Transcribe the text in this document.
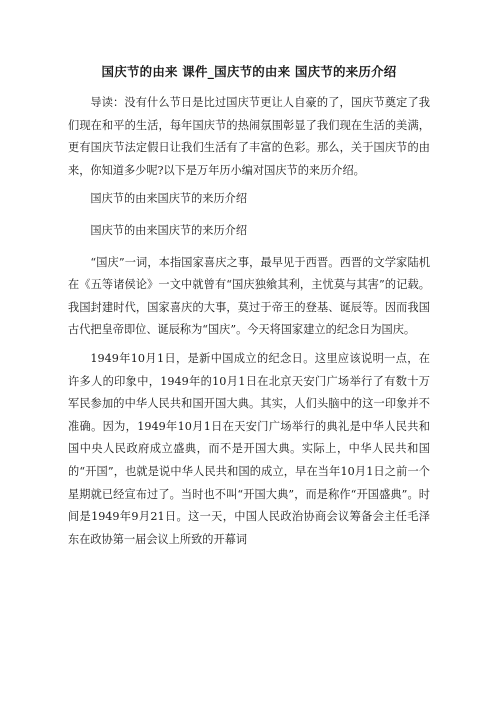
国庆节的由来 课件_国庆节的由来 国庆节的来历介绍

导读：没有什么节日是比过国庆节更让人自豪的了，国庆节奠定了我们现在和平的生活，每年国庆节的热闹氛围彰显了我们现在生活的美满，更有国庆节法定假日让我们生活有了丰富的色彩。那么，关于国庆节的由来，你知道多少呢?以下是万年历小编对国庆节的来历介绍。

国庆节的由来国庆节的来历介绍

国庆节的由来国庆节的来历介绍

“国庆”一词，本指国家喜庆之事，最早见于西晋。西晋的文学家陆机在《五等诸侯论》一文中就曾有“国庆独飨其利，主忧莫与其害”的记载。我国封建时代，国家喜庆的大事，莫过于帝王的登基、诞辰等。因而我国古代把皇帝即位、诞辰称为“国庆”。今天将国家建立的纪念日为国庆。

1949年10月1日，是新中国成立的纪念日。这里应该说明一点，在许多人的印象中，1949年的10月1日在北京天安门广场举行了有数十万军民参加的中华人民共和国开国大典。其实，人们头脑中的这一印象并不准确。因为，1949年10月1日在天安门广场举行的典礼是中华人民共和国中央人民政府成立盛典，而不是开国大典。实际上，中华人民共和国的“开国”，也就是说中华人民共和国的成立，早在当年10月1日之前一个星期就已经宣布过了。当时也不叫“开国大典”，而是称作“开国盛典”。时间是1949年9月21日。这一天，中国人民政治协商会议筹备会主任毛泽东在政协第一届会议上所致的开幕词
